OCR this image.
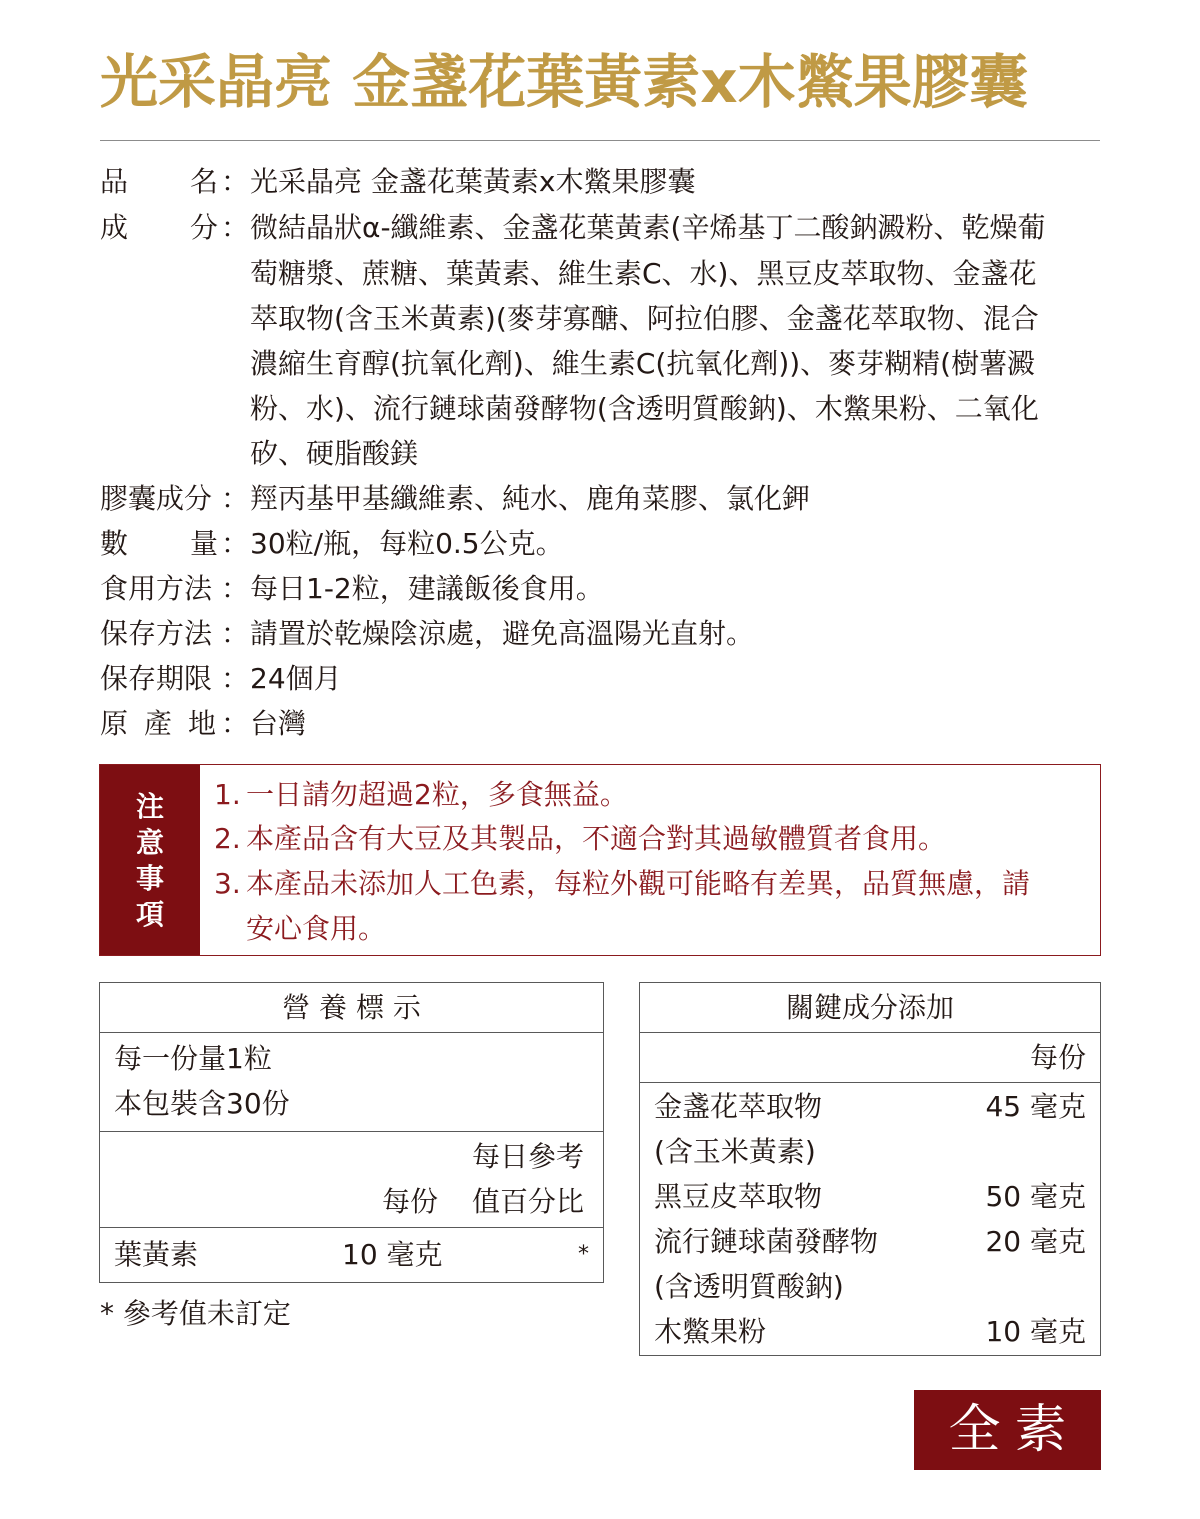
光采晶亮 金盞花葉黃素x木鱉果膠囊
品 名 ： 光采晶亮 金盞花葉黃素x木鱉果膠囊
成 分 ： 微結晶狀α-纖維素、金盞花葉黃素(辛烯基丁二酸鈉澱粉、乾燥葡
萄糖漿、蔗糖、葉黃素、維生素C、水)、黑豆皮萃取物、金盞花
萃取物(含玉米黃素)(麥芽寡醣、阿拉伯膠、金盞花萃取物、混合
濃縮生育醇(抗氧化劑)、維生素C(抗氧化劑))、麥芽糊精(樹薯澱
粉、水)、流行鏈球菌發酵物(含透明質酸鈉)、木鱉果粉、二氧化
矽、硬脂酸鎂
膠囊成分 ： 羥丙基甲基纖維素、純水、鹿角菜膠、氯化鉀
數 量 ： 30粒/瓶，每粒0.5公克。
食用方法 ： 每日1-2粒，建議飯後食用。
保存方法 ： 請置於乾燥陰涼處，避免高溫陽光直射。
保存期限 ： 24個月
原 產 地 ： 台灣
注
意
事
項
1. 一日請勿超過2粒，多食無益。
2. 本產品含有大豆及其製品，不適合對其過敏體質者食用。
3. 本產品未添加人工色素，每粒外觀可能略有差異，品質無慮，請
安心食用。
營 養 標 示
每一份量1粒
本包裝含30份
每日參考
每份 值百分比
葉黃素	10 毫克	*
* 參考值未訂定
關鍵成分添加
每份
金盞花萃取物	45 毫克
(含玉米黃素)
黑豆皮萃取物	50 毫克
流行鏈球菌發酵物	20 毫克
(含透明質酸鈉)
木鱉果粉	10 毫克
全素
